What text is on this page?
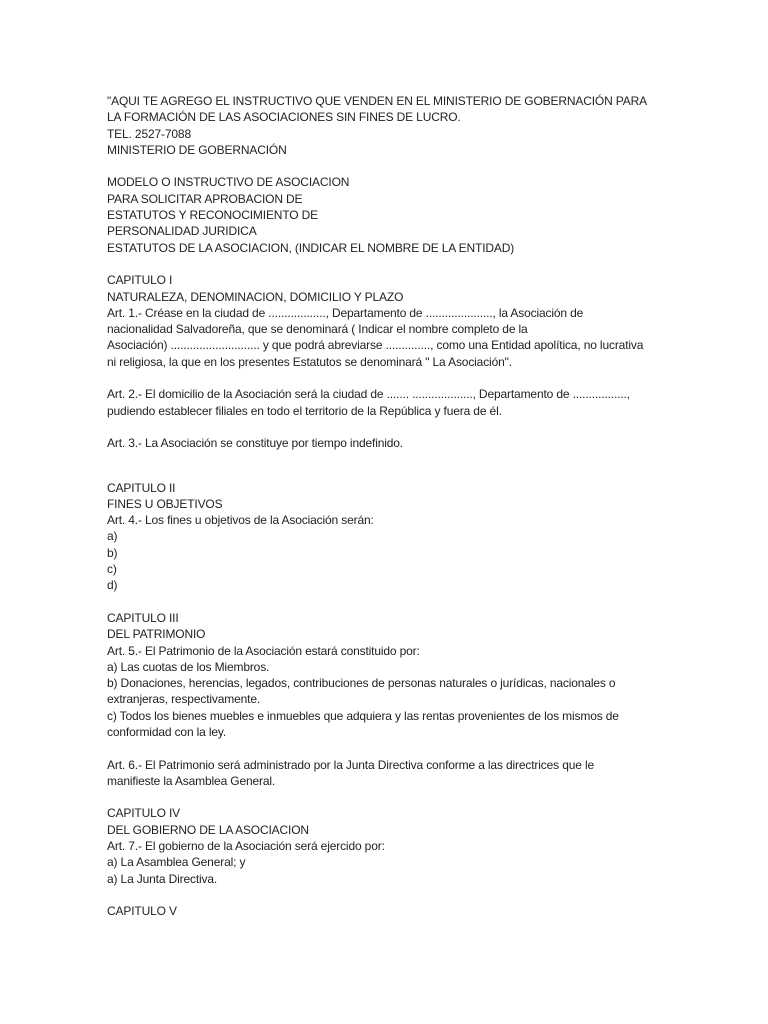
"AQUI TE AGREGO EL INSTRUCTIVO QUE VENDEN EN EL MINISTERIO DE GOBERNACIÓN PARA
LA FORMACIÓN DE LAS ASOCIACIONES SIN FINES DE LUCRO.
TEL. 2527-7088
MINISTERIO DE GOBERNACIÓN
MODELO O INSTRUCTIVO DE ASOCIACION
PARA SOLICITAR APROBACION DE
ESTATUTOS Y RECONOCIMIENTO DE
PERSONALIDAD JURIDICA
ESTATUTOS DE LA ASOCIACION, (INDICAR EL NOMBRE DE LA ENTIDAD)
CAPITULO I
NATURALEZA, DENOMINACION, DOMICILIO Y PLAZO
Art. 1.- Créase en la ciudad de .................., Departamento de ....................., la Asociación de
nacionalidad Salvadoreña, que se denominará ( Indicar el nombre completo de la
Asociación) ............................ y que podrá abreviarse .............., como una Entidad apolítica, no lucrativa
ni religiosa, la que en los presentes Estatutos se denominará " La Asociación".
Art. 2.- El domicilio de la Asociación será la ciudad de ....... ..................., Departamento de .................,
pudiendo establecer filiales en todo el territorio de la República y fuera de él.
Art. 3.- La Asociación se constituye por tiempo indefinido.
CAPITULO II
FINES U OBJETIVOS
Art. 4.- Los fines u objetivos de la Asociación serán:
a)
b)
c)
d)
CAPITULO III
DEL PATRIMONIO
Art. 5.- El Patrimonio de la Asociación estará constituido por:
a) Las cuotas de los Miembros.
b) Donaciones, herencias, legados, contribuciones de personas naturales o jurídicas, nacionales o
extranjeras, respectivamente.
c) Todos los bienes muebles e inmuebles que adquiera y las rentas provenientes de los mismos de
conformidad con la ley.
Art. 6.- El Patrimonio será administrado por la Junta Directiva conforme a las directrices que le
manifieste la Asamblea General.
CAPITULO IV
DEL GOBIERNO DE LA ASOCIACION
Art. 7.- El gobierno de la Asociación será ejercido por:
a) La Asamblea General; y
a) La Junta Directiva.
CAPITULO V
